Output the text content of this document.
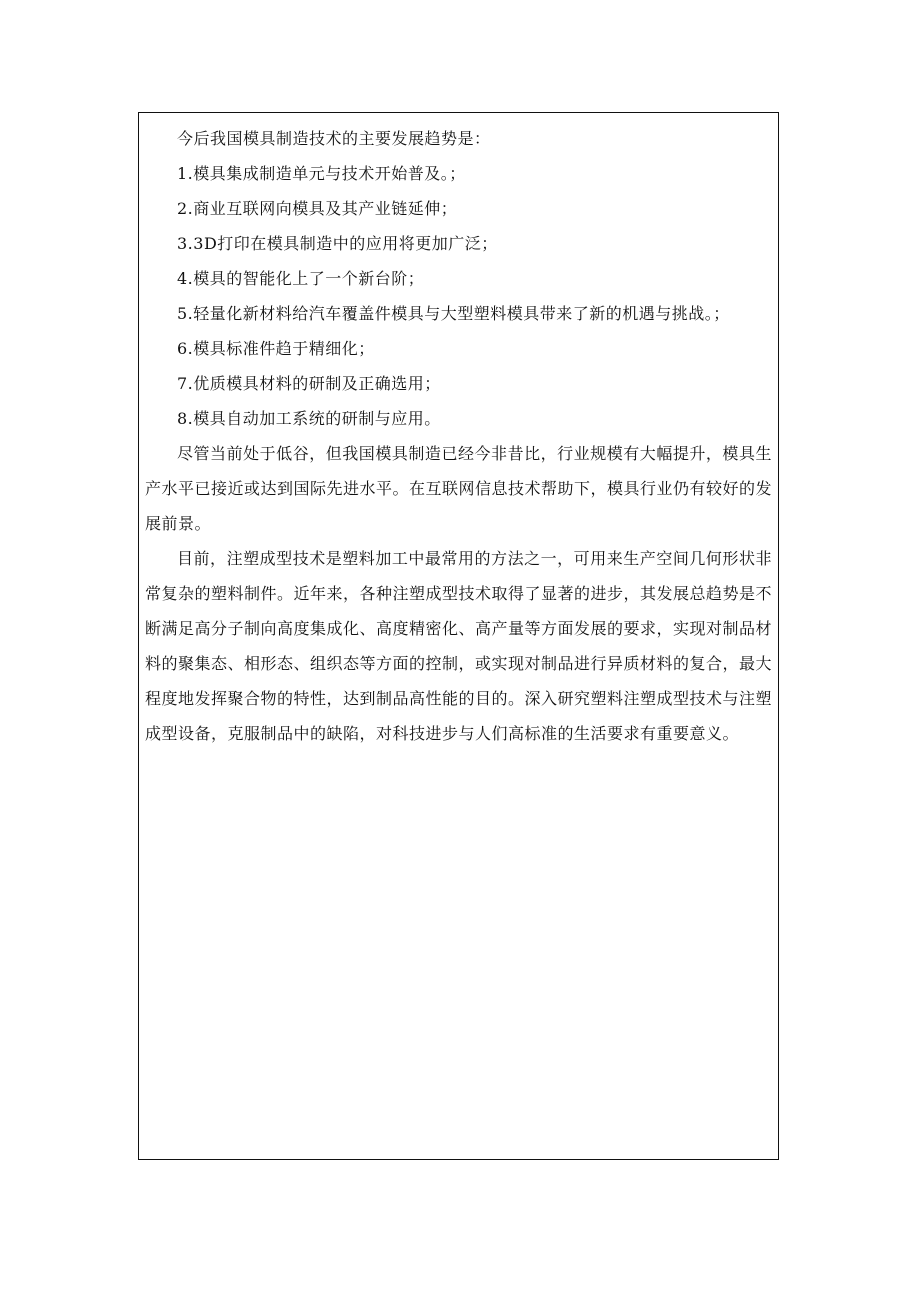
今后我国模具制造技术的主要发展趋势是：

1.模具集成制造单元与技术开始普及。；

2.商业互联网向模具及其产业链延伸；

3.3D打印在模具制造中的应用将更加广泛；

4.模具的智能化上了一个新台阶；

5.轻量化新材料给汽车覆盖件模具与大型塑料模具带来了新的机遇与挑战。；

6.模具标准件趋于精细化；

7.优质模具材料的研制及正确选用；

8.模具自动加工系统的研制与应用。

尽管当前处于低谷，但我国模具制造已经今非昔比，行业规模有大幅提升，模具生产水平已接近或达到国际先进水平。在互联网信息技术帮助下，模具行业仍有较好的发展前景。

目前，注塑成型技术是塑料加工中最常用的方法之一，可用来生产空间几何形状非常复杂的塑料制件。近年来，各种注塑成型技术取得了显著的进步，其发展总趋势是不断满足高分子制向高度集成化、高度精密化、高产量等方面发展的要求，实现对制品材料的聚集态、相形态、组织态等方面的控制，或实现对制品进行异质材料的复合，最大程度地发挥聚合物的特性，达到制品高性能的目的。深入研究塑料注塑成型技术与注塑成型设备，克服制品中的缺陷，对科技进步与人们高标准的生活要求有重要意义。
